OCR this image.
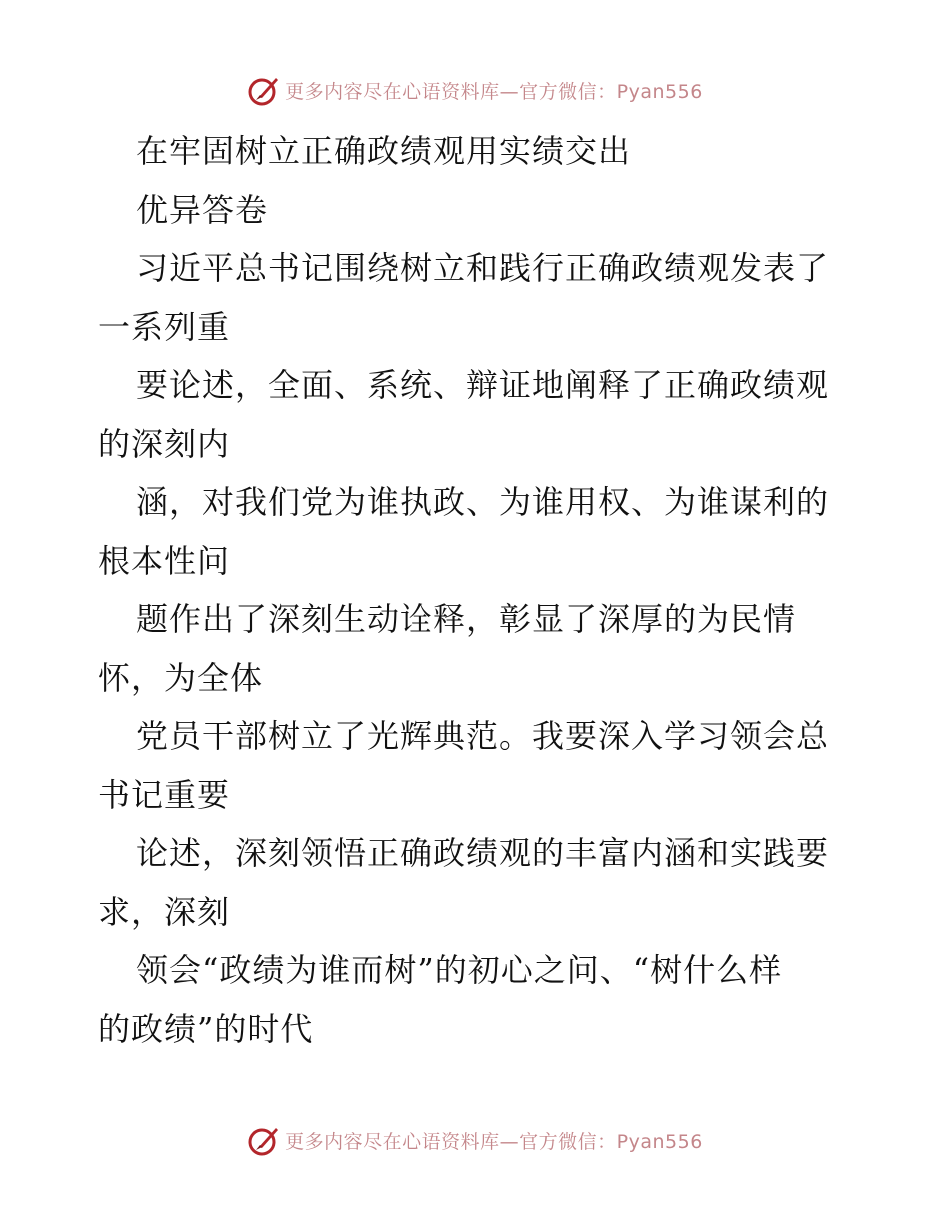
更多内容尽在心语资料库—官方微信：Pyan556
在牢固树立正确政绩观用实绩交出
优异答卷
习近平总书记围绕树立和践行正确政绩观发表了
一系列重
要论述，全面、系统、辩证地阐释了正确政绩观
的深刻内
涵，对我们党为谁执政、为谁用权、为谁谋利的
根本性问
题作出了深刻生动诠释，彰显了深厚的为民情
怀，为全体
党员干部树立了光辉典范。我要深入学习领会总
书记重要
论述，深刻领悟正确政绩观的丰富内涵和实践要
求，深刻
领会“政绩为谁而树”的初心之问、“树什么样
的政绩”的时代
更多内容尽在心语资料库—官方微信：Pyan556
